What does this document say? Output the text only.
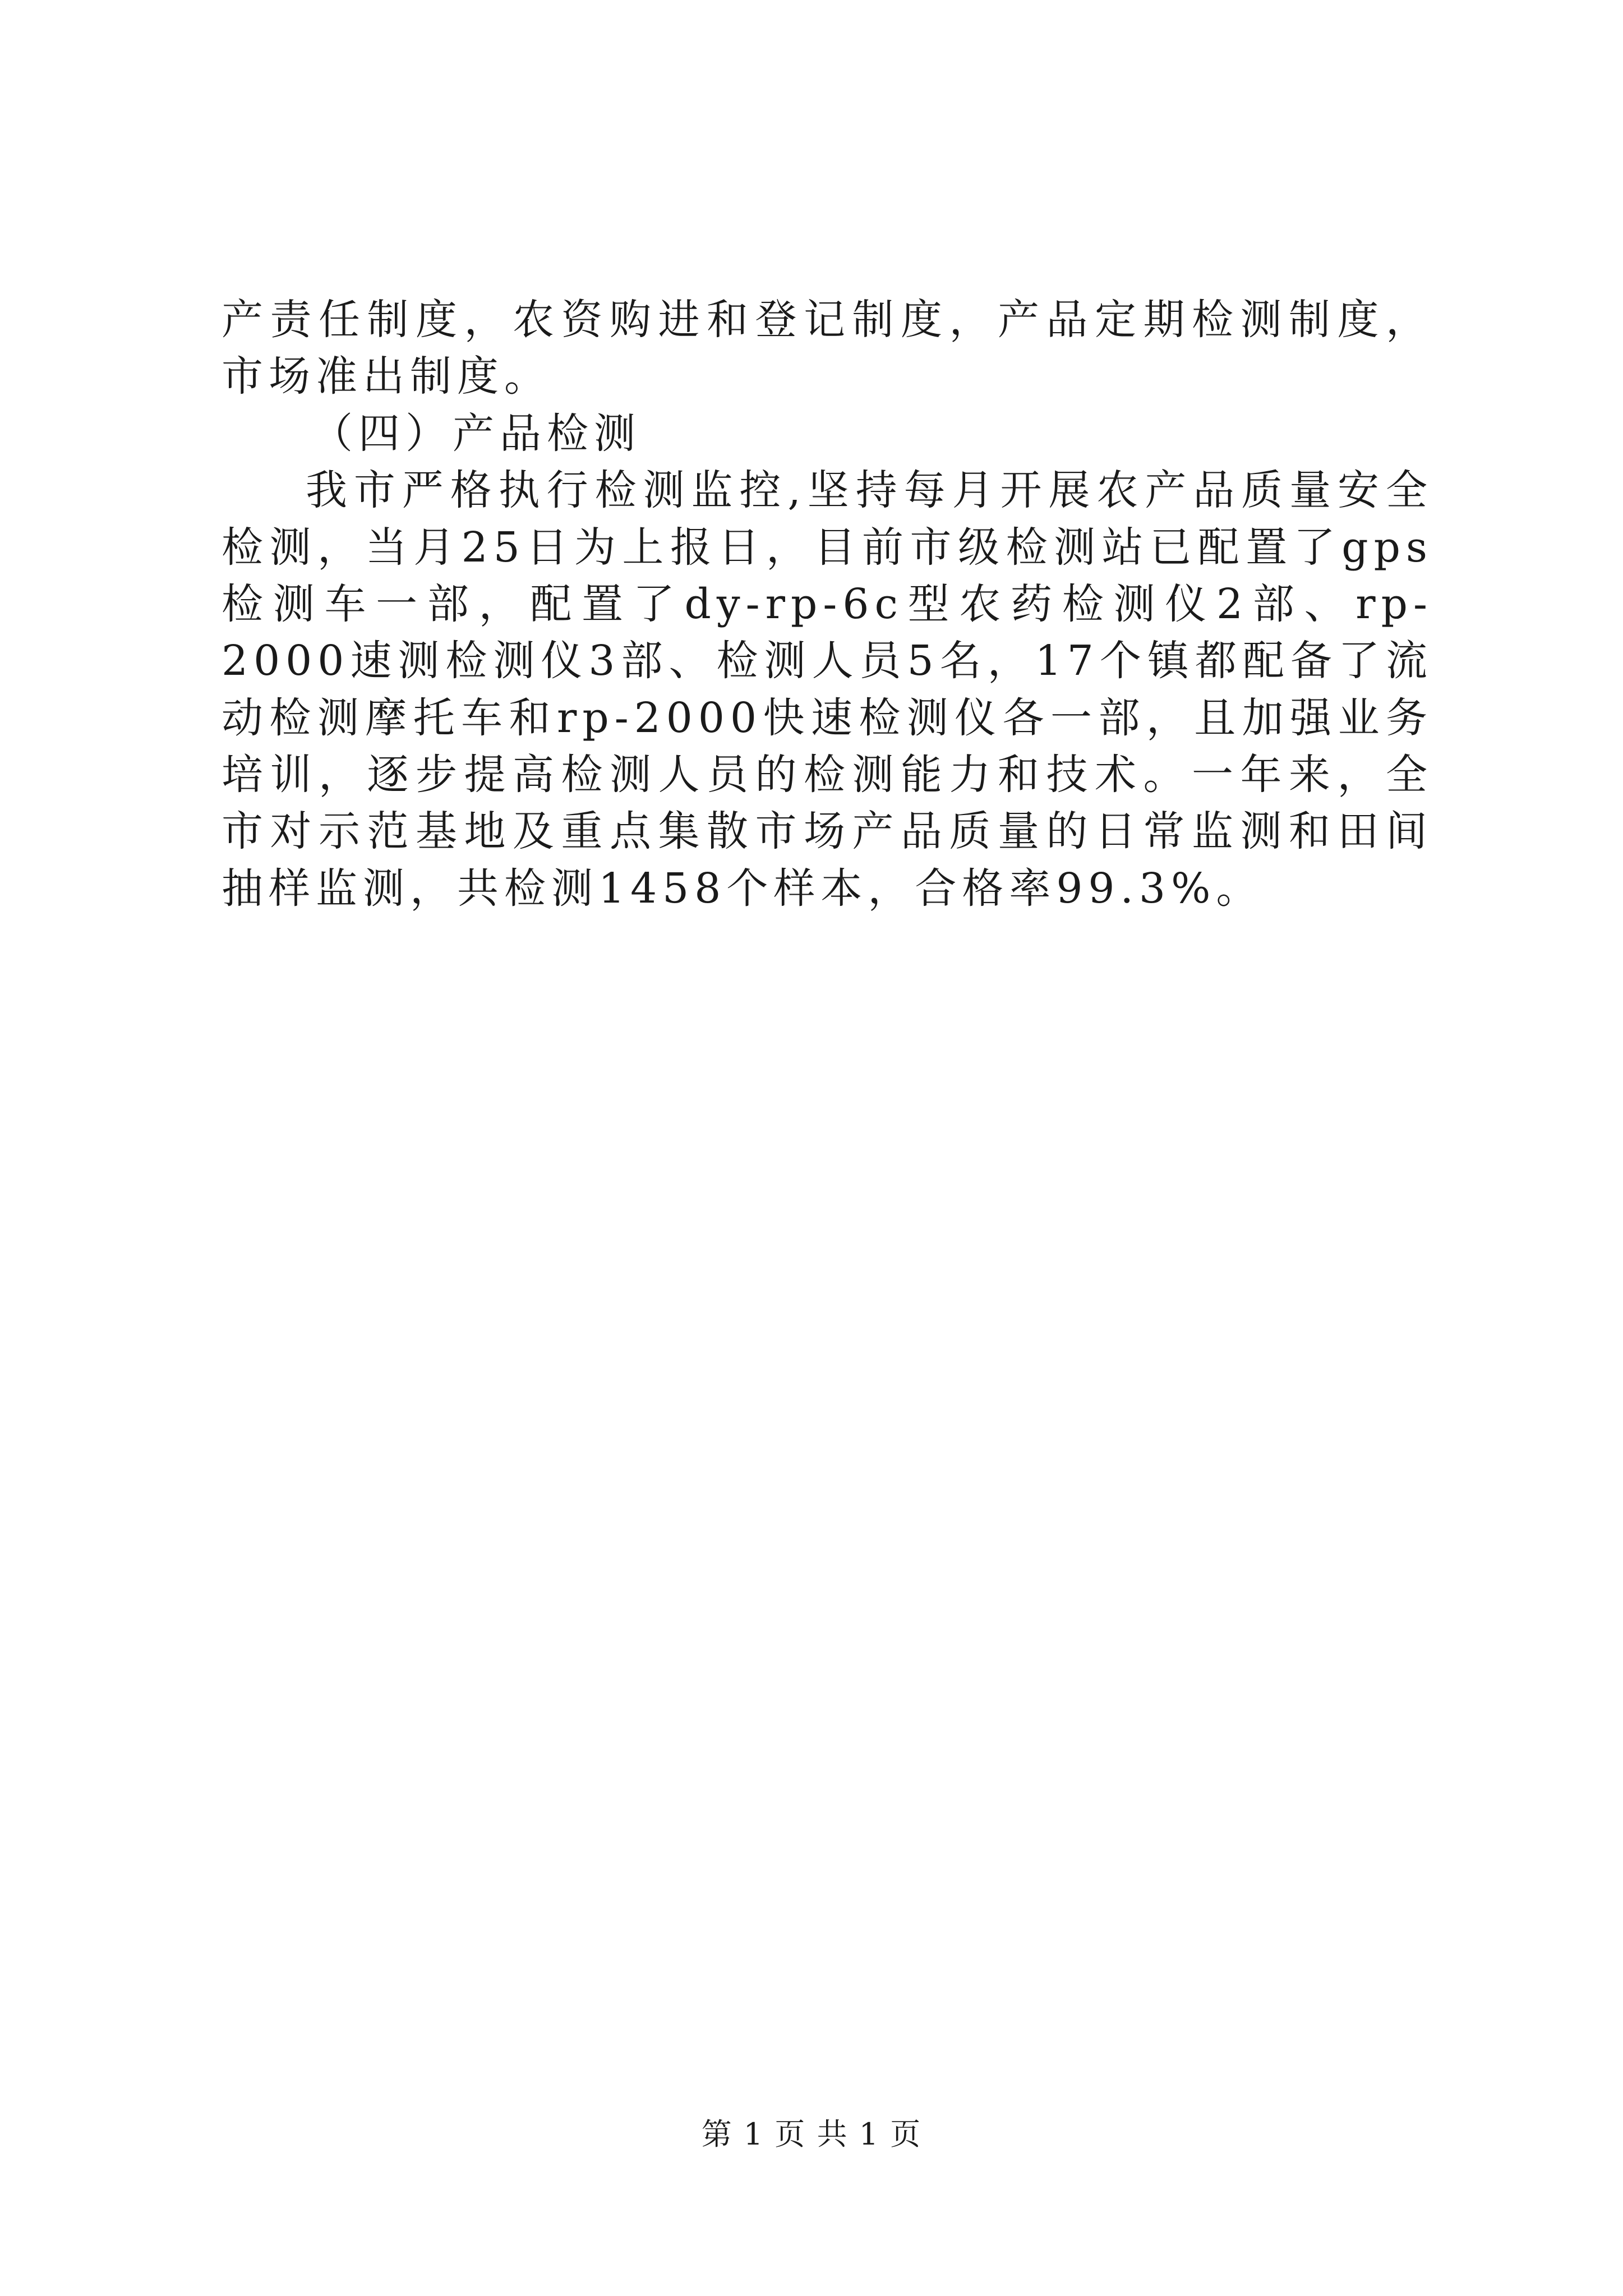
产责任制度，农资购进和登记制度，产品定期检测制度，市场准出制度。

（四）产品检测

我市严格执行检测监控,坚持每月开展农产品质量安全检测，当月25日为上报日，目前市级检测站已配置了gps检测车一部，配置了dy-rp-6c型农药检测仪2部、rp-2000速测检测仪3部、检测人员5名，17个镇都配备了流动检测摩托车和rp-2000快速检测仪各一部，且加强业务培训，逐步提高检测人员的检测能力和技术。一年来，全市对示范基地及重点集散市场产品质量的日常监测和田间抽样监测，共检测1458个样本，合格率99.3%。

第 1 页 共 1 页
